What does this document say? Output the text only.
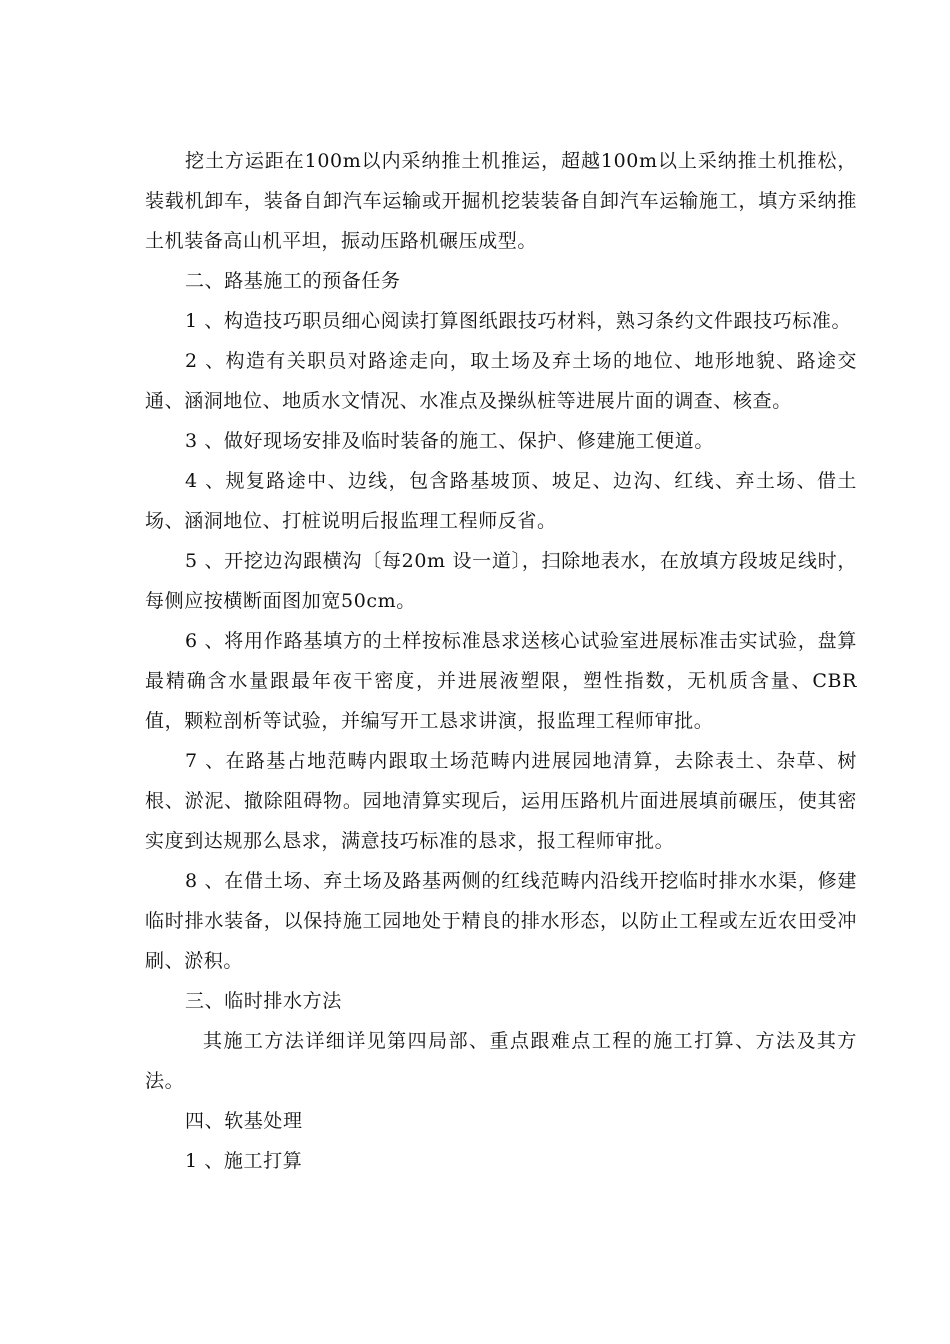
挖土方运距在100m以内采纳推土机推运，超越100m以上采纳推土机推松，装载机卸车，装备自卸汽车运输或开掘机挖装装备自卸汽车运输施工，填方采纳推土机装备高山机平坦，振动压路机碾压成型。

二、路基施工的预备任务

1 、构造技巧职员细心阅读打算图纸跟技巧材料，熟习条约文件跟技巧标准。

2 、构造有关职员对路途走向，取土场及弃土场的地位、地形地貌、路途交通、涵洞地位、地质水文情况、水准点及操纵桩等进展片面的调查、核查。

3 、做好现场安排及临时装备的施工、保护、修建施工便道。

4 、规复路途中、边线，包含路基坡顶、坡足、边沟、红线、弃土场、借土场、涵洞地位、打桩说明后报监理工程师反省。

5 、开挖边沟跟横沟〔每20m 设一道〕，扫除地表水，在放填方段坡足线时，每侧应按横断面图加宽50cm。

6 、将用作路基填方的土样按标准恳求送核心试验室进展标准击实试验，盘算最精确含水量跟最年夜干密度，并进展液塑限，塑性指数，无机质含量、CBR 值，颗粒剖析等试验，并编写开工恳求讲演，报监理工程师审批。

7 、在路基占地范畴内跟取土场范畴内进展园地清算，去除表土、杂草、树根、淤泥、撤除阻碍物。园地清算实现后，运用压路机片面进展填前碾压，使其密实度到达规那么恳求，满意技巧标准的恳求，报工程师审批。

8 、在借土场、弃土场及路基两侧的红线范畴内沿线开挖临时排水水渠，修建临时排水装备，以保持施工园地处于精良的排水形态，以防止工程或左近农田受冲刷、淤积。

三、临时排水方法

其施工方法详细详见第四局部、重点跟难点工程的施工打算、方法及其方法。

四、软基处理

1 、施工打算
